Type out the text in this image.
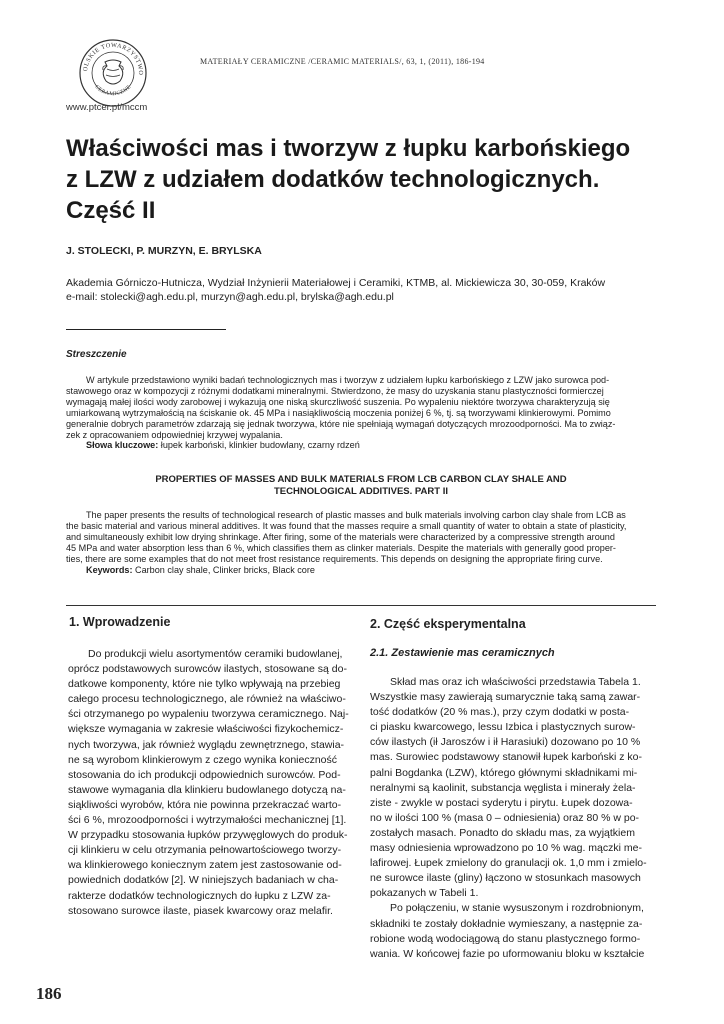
OLSKIE TOWARZYSTWO
CERAMICZNE
MATERIAŁY CERAMICZNE /CERAMIC MATERIALS/, 63, 1, (2011), 186-194
www.ptcer.pl/mccm
Właściwości mas i tworzyw z łupku karbońskiego
z LZW z udziałem dodatków technologicznych.
Część II
J. STOLECKI, P. MURZYN, E. BRYLSKA
Akademia Górniczo-Hutnicza, Wydział Inżynierii Materiałowej i Ceramiki, KTMB, al. Mickiewicza 30, 30-059, Kraków
e-mail: stolecki@agh.edu.pl, murzyn@agh.edu.pl, brylska@agh.edu.pl
Streszczenie
W artykule przedstawiono wyniki badań technologicznych mas i tworzyw z udziałem łupku karbońskiego z LZW jako surowca pod-
stawowego oraz w kompozycji z różnymi dodatkami mineralnymi. Stwierdzono, że masy do uzyskania stanu plastyczności formierczej
wymagają małej ilości wody zarobowej i wykazują one niską skurczliwość suszenia. Po wypaleniu niektóre tworzywa charakteryzują się
umiarkowaną wytrzymałością na ściskanie ok. 45 MPa i nasiąkliwością moczenia poniżej 6 %, tj. są tworzywami klinkierowymi. Pomimo
generalnie dobrych parametrów zdarzają się jednak tworzywa, które nie spełniają wymagań dotyczących mrozoodporności. Ma to związ-
zek z opracowaniem odpowiedniej krzywej wypalania.
Słowa kluczowe: łupek karboński, klinkier budowlany, czarny rdzeń
PROPERTIES OF MASSES AND BULK MATERIALS FROM LCB CARBON CLAY SHALE AND
TECHNOLOGICAL ADDITIVES. PART II
The paper presents the results of technological research of plastic masses and bulk materials involving carbon clay shale from LCB as
the basic material and various mineral additives. It was found that the masses require a small quantity of water to obtain a state of plasticity,
and simultaneously exhibit low drying shrinkage. After firing, some of the materials were characterized by a compressive strength around
45 MPa and water absorption less than 6 %, which classifies them as clinker materials. Despite the materials with generally good proper-
ties, there are some examples that do not meet frost resistance requirements. This depends on designing the appropriate firing curve.
Keywords: Carbon clay shale, Clinker bricks, Black core
1. Wprowadzenie
Do produkcji wielu asortymentów ceramiki budowlanej,
oprócz podstawowych surowców ilastych, stosowane są do-
datkowe komponenty, które nie tylko wpływają na przebieg
całego procesu technologicznego, ale również na właściwo-
ści otrzymanego po wypaleniu tworzywa ceramicznego. Naj-
większe wymagania w zakresie właściwości fizykochemicz-
nych tworzywa, jak również wyglądu zewnętrznego, stawia-
ne są wyrobom klinkierowym z czego wynika konieczność
stosowania do ich produkcji odpowiednich surowców. Pod-
stawowe wymagania dla klinkieru budowlanego dotyczą na-
siąkliwości wyrobów, która nie powinna przekraczać warto-
ści 6 %, mrozoodporności i wytrzymałości mechanicznej [1].
W przypadku stosowania łupków przywęglowych do produk-
cji klinkieru w celu otrzymania pełnowartościowego tworzy-
wa klinkierowego koniecznym zatem jest zastosowanie od-
powiednich dodatków [2]. W niniejszych badaniach w cha-
rakterze dodatków technologicznych do łupku z LZW za-
stosowano surowce ilaste, piasek kwarcowy oraz melafir.
2. Część eksperymentalna
2.1. Zestawienie mas ceramicznych
Skład mas oraz ich właściwości przedstawia Tabela 1.
Wszystkie masy zawierają sumarycznie taką samą zawar-
tość dodatków (20 % mas.), przy czym dodatki w posta-
ci piasku kwarcowego, lessu Izbica i plastycznych surow-
ców ilastych (ił Jaroszów i ił Harasiuki) dozowano po 10 %
mas. Surowiec podstawowy stanowił łupek karboński z ko-
palni Bogdanka (LZW), którego głównymi składnikami mi-
neralnymi są kaolinit, substancja węglista i minerały żela-
ziste - zwykle w postaci syderytu i pirytu. Łupek dozowa-
no w ilości 100 % (masa 0 – odniesienia) oraz 80 % w po-
zostałych masach. Ponadto do składu mas, za wyjątkiem
masy odniesienia wprowadzono po 10 % wag. mączki me-
lafirowej. Łupek zmielony do granulacji ok. 1,0 mm i zmielo-
ne surowce ilaste (gliny) łączono w stosunkach masowych
pokazanych w Tabeli 1.
Po połączeniu, w stanie wysuszonym i rozdrobnionym,
składniki te zostały dokładnie wymieszany, a następnie za-
robione wodą wodociągową do stanu plastycznego formo-
wania. W końcowej fazie po uformowaniu bloku w kształcie
186
